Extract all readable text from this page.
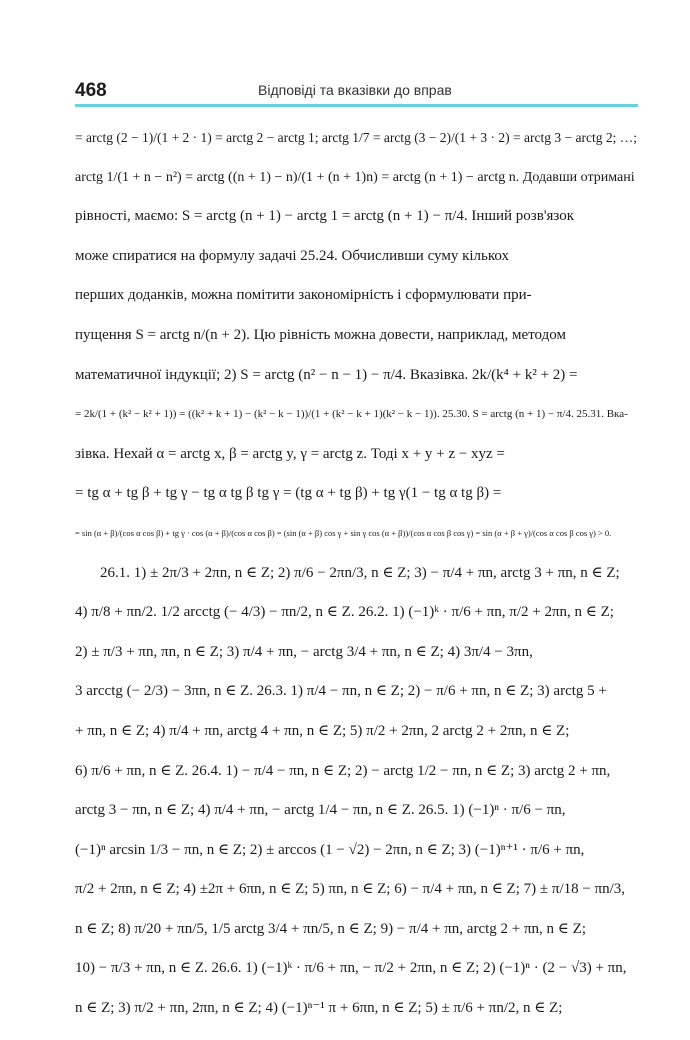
468	Відповіді та вказівки до вправ
= arctg (2 − 1)/(1 + 2 · 1) = arctg 2 − arctg 1; arctg 1/7 = arctg (3 − 2)/(1 + 3 · 2) = arctg 3 − arctg 2; …;
arctg 1/(1 + n − n²) = arctg ((n + 1) − n)/(1 + (n + 1)n) = arctg (n + 1) − arctg n. Додавши отримані
рівності, маємо: S = arctg (n + 1) − arctg 1 = arctg (n + 1) − π/4. Інший розв'язок
може спиратися на формулу задачі 25.24. Обчисливши суму кількох
перших доданків, можна помітити закономірність і сформулювати при-
пущення S = arctg n/(n + 2). Цю рівність можна довести, наприклад, методом
математичної індукції; 2) S = arctg (n² − n − 1) − π/4. Вказівка. 2k/(k⁴ + k² + 2) =
= 2k/(1 + (k² − k² + 1)) = ((k² + k + 1) − (k² − k − 1))/(1 + (k² − k + 1)(k² − k − 1)). 25.30. S = arctg (n + 1) − π/4. 25.31. Вка-
зівка. Нехай α = arctg x, β = arctg y, γ = arctg z. Тоді x + y + z − xyz =
= tg α + tg β + tg γ − tg α tg β tg γ = (tg α + tg β) + tg γ(1 − tg α tg β) =
= sin (α + β)/(cos α cos β) + tg γ · cos (α + β)/(cos α cos β) = (sin (α + β) cos γ + sin γ cos (α + β))/(cos α cos β cos γ) = sin (α + β + γ)/(cos α cos β cos γ) > 0.
26.1. 1) ± 2π/3 + 2πn, n ∈ Z; 2) π/6 − 2πn/3, n ∈ Z; 3) − π/4 + πn, arctg 3 + πn, n ∈ Z;
4) π/8 + πn/2. 1/2 arcctg (− 4/3) − πn/2, n ∈ Z. 26.2. 1) (−1)ᵏ · π/6 + πn, π/2 + 2πn, n ∈ Z;
2) ± π/3 + πn, πn, n ∈ Z; 3) π/4 + πn, − arctg 3/4 + πn, n ∈ Z; 4) 3π/4 − 3πn,
3 arcctg (− 2/3) − 3πn, n ∈ Z. 26.3. 1) π/4 − πn, n ∈ Z; 2) − π/6 + πn, n ∈ Z; 3) arctg 5 +
+ πn, n ∈ Z; 4) π/4 + πn, arctg 4 + πn, n ∈ Z; 5) π/2 + 2πn, 2 arctg 2 + 2πn, n ∈ Z;
6) π/6 + πn, n ∈ Z. 26.4. 1) − π/4 − πn, n ∈ Z; 2) − arctg 1/2 − πn, n ∈ Z; 3) arctg 2 + πn,
arctg 3 − πn, n ∈ Z; 4) π/4 + πn, − arctg 1/4 − πn, n ∈ Z. 26.5. 1) (−1)ⁿ · π/6 − πn,
(−1)ⁿ arcsin 1/3 − πn, n ∈ Z; 2) ± arccos (1 − √2) − 2πn, n ∈ Z; 3) (−1)ⁿ⁺¹ · π/6 + πn,
π/2 + 2πn, n ∈ Z; 4) ±2π + 6πn, n ∈ Z; 5) πn, n ∈ Z; 6) − π/4 + πn, n ∈ Z; 7) ± π/18 − πn/3,
n ∈ Z; 8) π/20 + πn/5, 1/5 arctg 3/4 + πn/5, n ∈ Z; 9) − π/4 + πn, arctg 2 + πn, n ∈ Z;
10) − π/3 + πn, n ∈ Z. 26.6. 1) (−1)ᵏ · π/6 + πn, − π/2 + 2πn, n ∈ Z; 2) (−1)ⁿ · (2 − √3) + πn,
n ∈ Z; 3) π/2 + πn, 2πn, n ∈ Z; 4) (−1)ⁿ⁻¹ π + 6πn, n ∈ Z; 5) ± π/6 + πn/2, n ∈ Z;
